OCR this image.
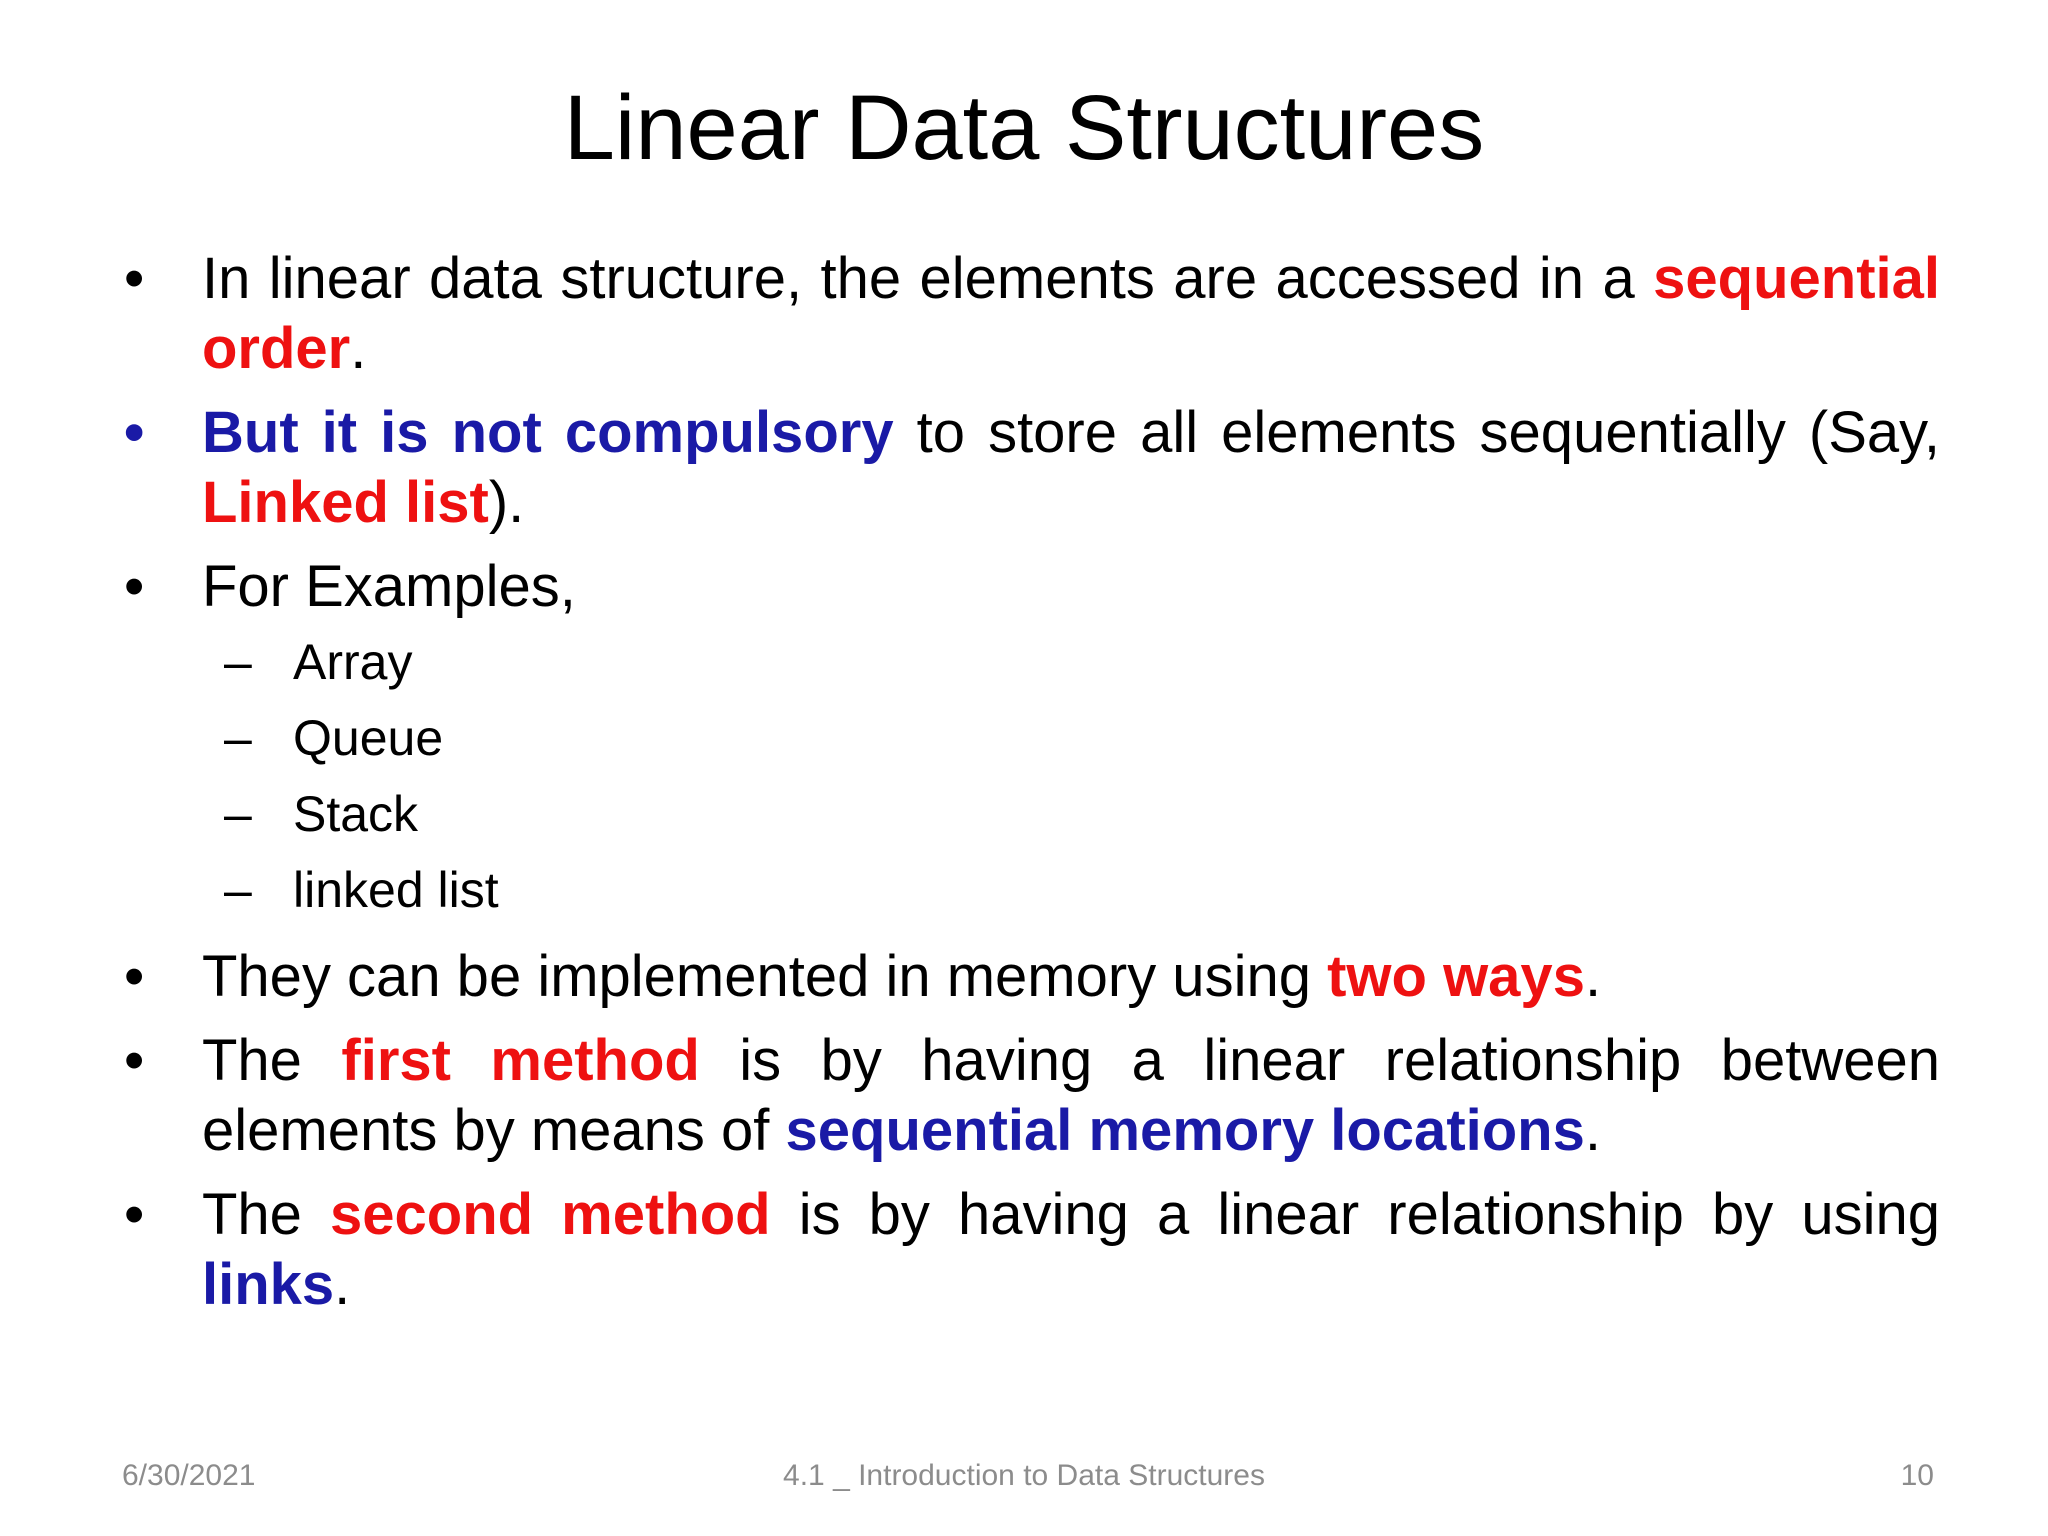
Linear Data Structures

• In linear data structure, the elements are accessed in a sequential order.

• But it is not compulsory to store all elements sequentially (Say, Linked list).

• For Examples,

– Array

– Queue

– Stack

– linked list

• They can be implemented in memory using two ways.

• The first method is by having a linear relationship between elements by means of sequential memory locations.

• The second method is by having a linear relationship by using links.

6/30/2021	4.1 _ Introduction to Data Structures	10
